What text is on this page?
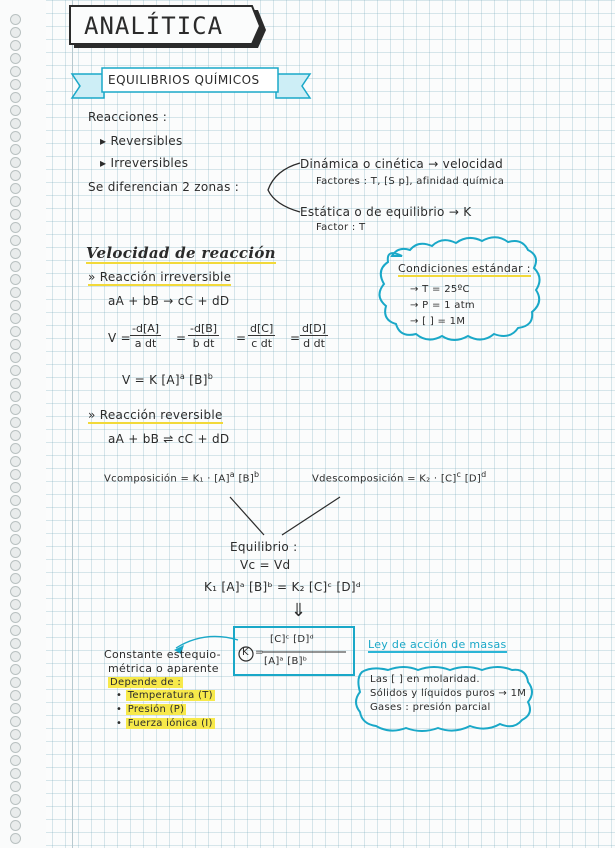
ANALÍTICA
EQUILIBRIOS QUÍMICOS
Reacciones :
▸ Reversibles
▸ Irreversibles
Se diferencian 2 zonas :
Dinámica o cinética → velocidad
Factores : T, [S p], afinidad química
Estática o de equilibrio → K
Factor : T
Velocidad de reacción
» Reacción irreversible
aA + bB → cC + dD
$V = \frac{-d[A]}{\text{a dt}} = \frac{-d[B]}{\text{b dt}} = \frac{d[C]}{\text{c dt}} = \frac{d[D]}{\text{d dt}}$
V = K $[A]^a$ $[B]^b$
Condiciones estándar :
→ T = 25ºC
→ P = 1 atm
→ [ ] = 1M
» Reacción reversible
aA + bB ⇌ cC + dD
Vcomposición = $K_1 \cdot [A]^a$ $[B]^b$	Vdescomposición = $K_2 \cdot [C]^c$ $[D]^d$
Equilibrio :
Vc = Vd
K₁ [A]ᵃ [B]ᵇ = K₂ [C]ᶜ [D]ᵈ
⇓
Constante estequio-
métrica o aparente
Depende de :
• Temperatura (T)
• Presión (P)
• Fuerza iónica (I)
K =
[C]ᶜ [D]ᵈ
[A]ᵃ [B]ᵇ
Ley de acción de masas
Las [ ] en molaridad.
Sólidos y líquidos puros → 1M
Gases : presión parcial
